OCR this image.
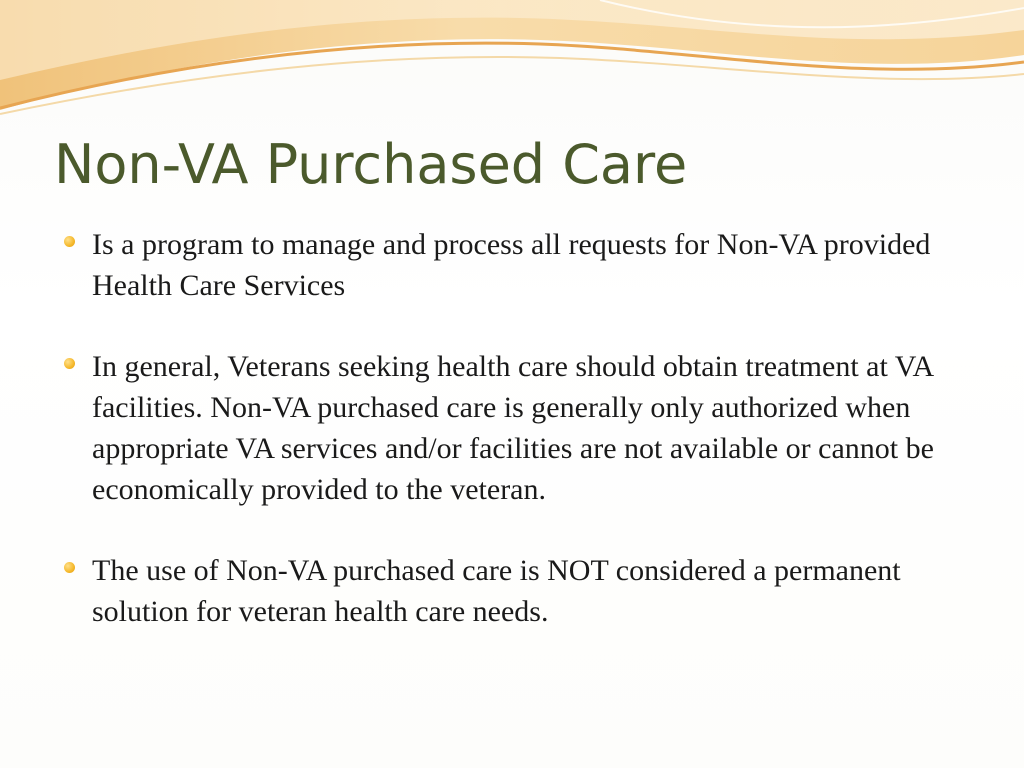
Non-VA Purchased Care
Is a program to manage and process all requests for Non-VA provided Health Care Services
In general, Veterans seeking health care should obtain treatment at VA facilities. Non-VA purchased care is generally only authorized when appropriate VA services and/or facilities are not available or cannot be economically provided to the veteran.
The use of Non-VA purchased care is NOT considered a permanent solution for veteran health care needs.
